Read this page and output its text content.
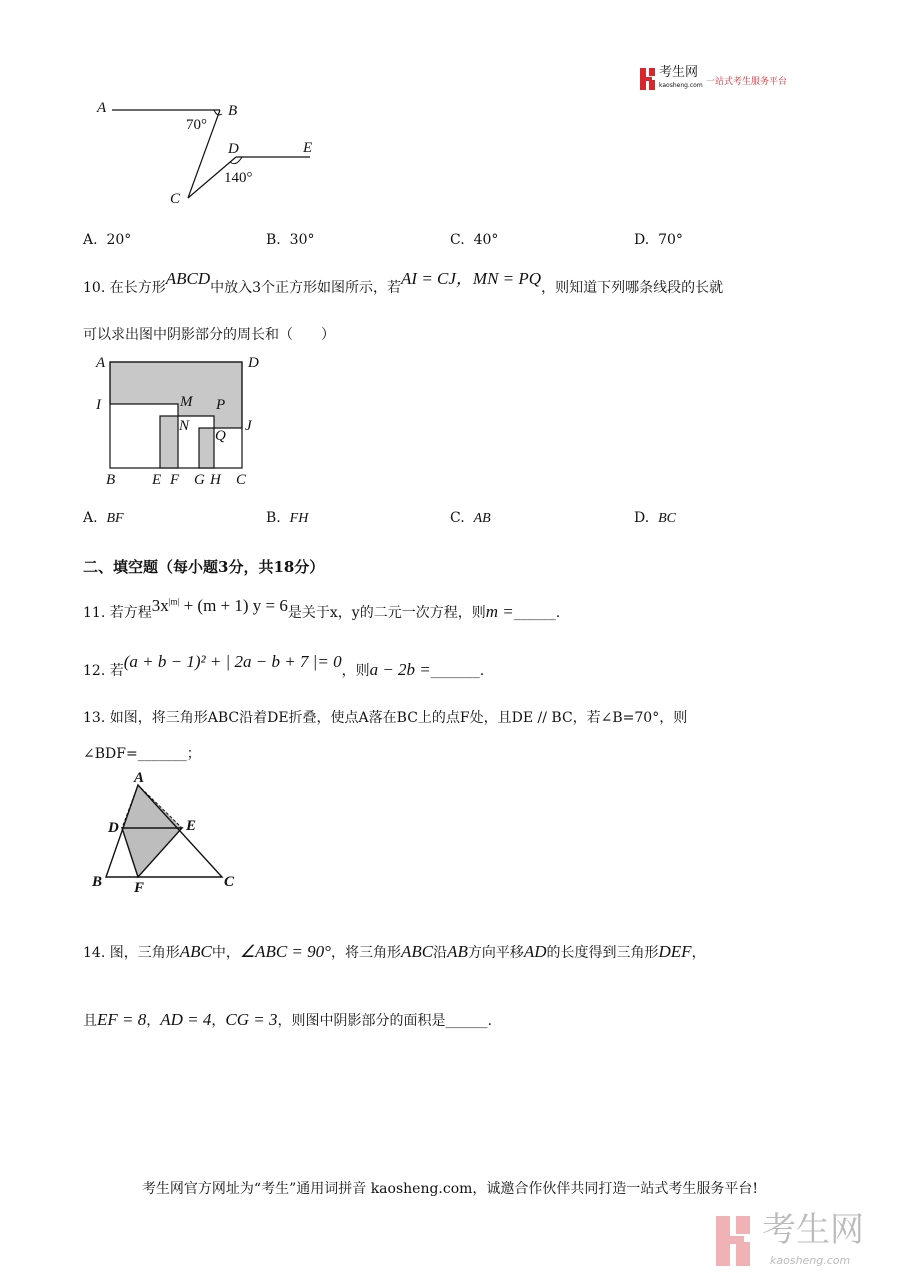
考生网
kaosheng.com 一站式考生服务平台
A	B
70°
D	E
140°
C
A. 20°	B. 30°	C. 40°	D. 70°
10. 在长方形ABCD中放入3个正方形如图所示，若AI = CJ，MN = PQ，则知道下列哪条线段的长就
可以求出图中阴影部分的周长和（　　）
A	D
I	M P
N
Q
J
B E F G H C
A. BF	B. FH	C. AB	D. BC
二、填空题（每小题3分，共18分）
11. 若方程$3x^{|m|} + (m + 1) y = 6$是关于x，y的二元一次方程，则m =______.
12. 若(a + b − 1)² + | 2a − b + 7 |= 0，则a − 2b =_______.
13. 如图，将三角形ABC沿着DE折叠，使点A落在BC上的点F处，且DE // BC，若∠B=70°，则
∠BDF=_______；
A
D	E
B F	C
14. 图，三角形ABC中，∠ABC = 90°，将三角形ABC沿AB方向平移AD的长度得到三角形DEF，
且EF = 8，AD = 4，CG = 3，则图中阴影部分的面积是______.
考生网官方网址为“考生”通用词拼音 kaosheng.com，诚邀合作伙伴共同打造一站式考生服务平台!
考生网
kaosheng.com
